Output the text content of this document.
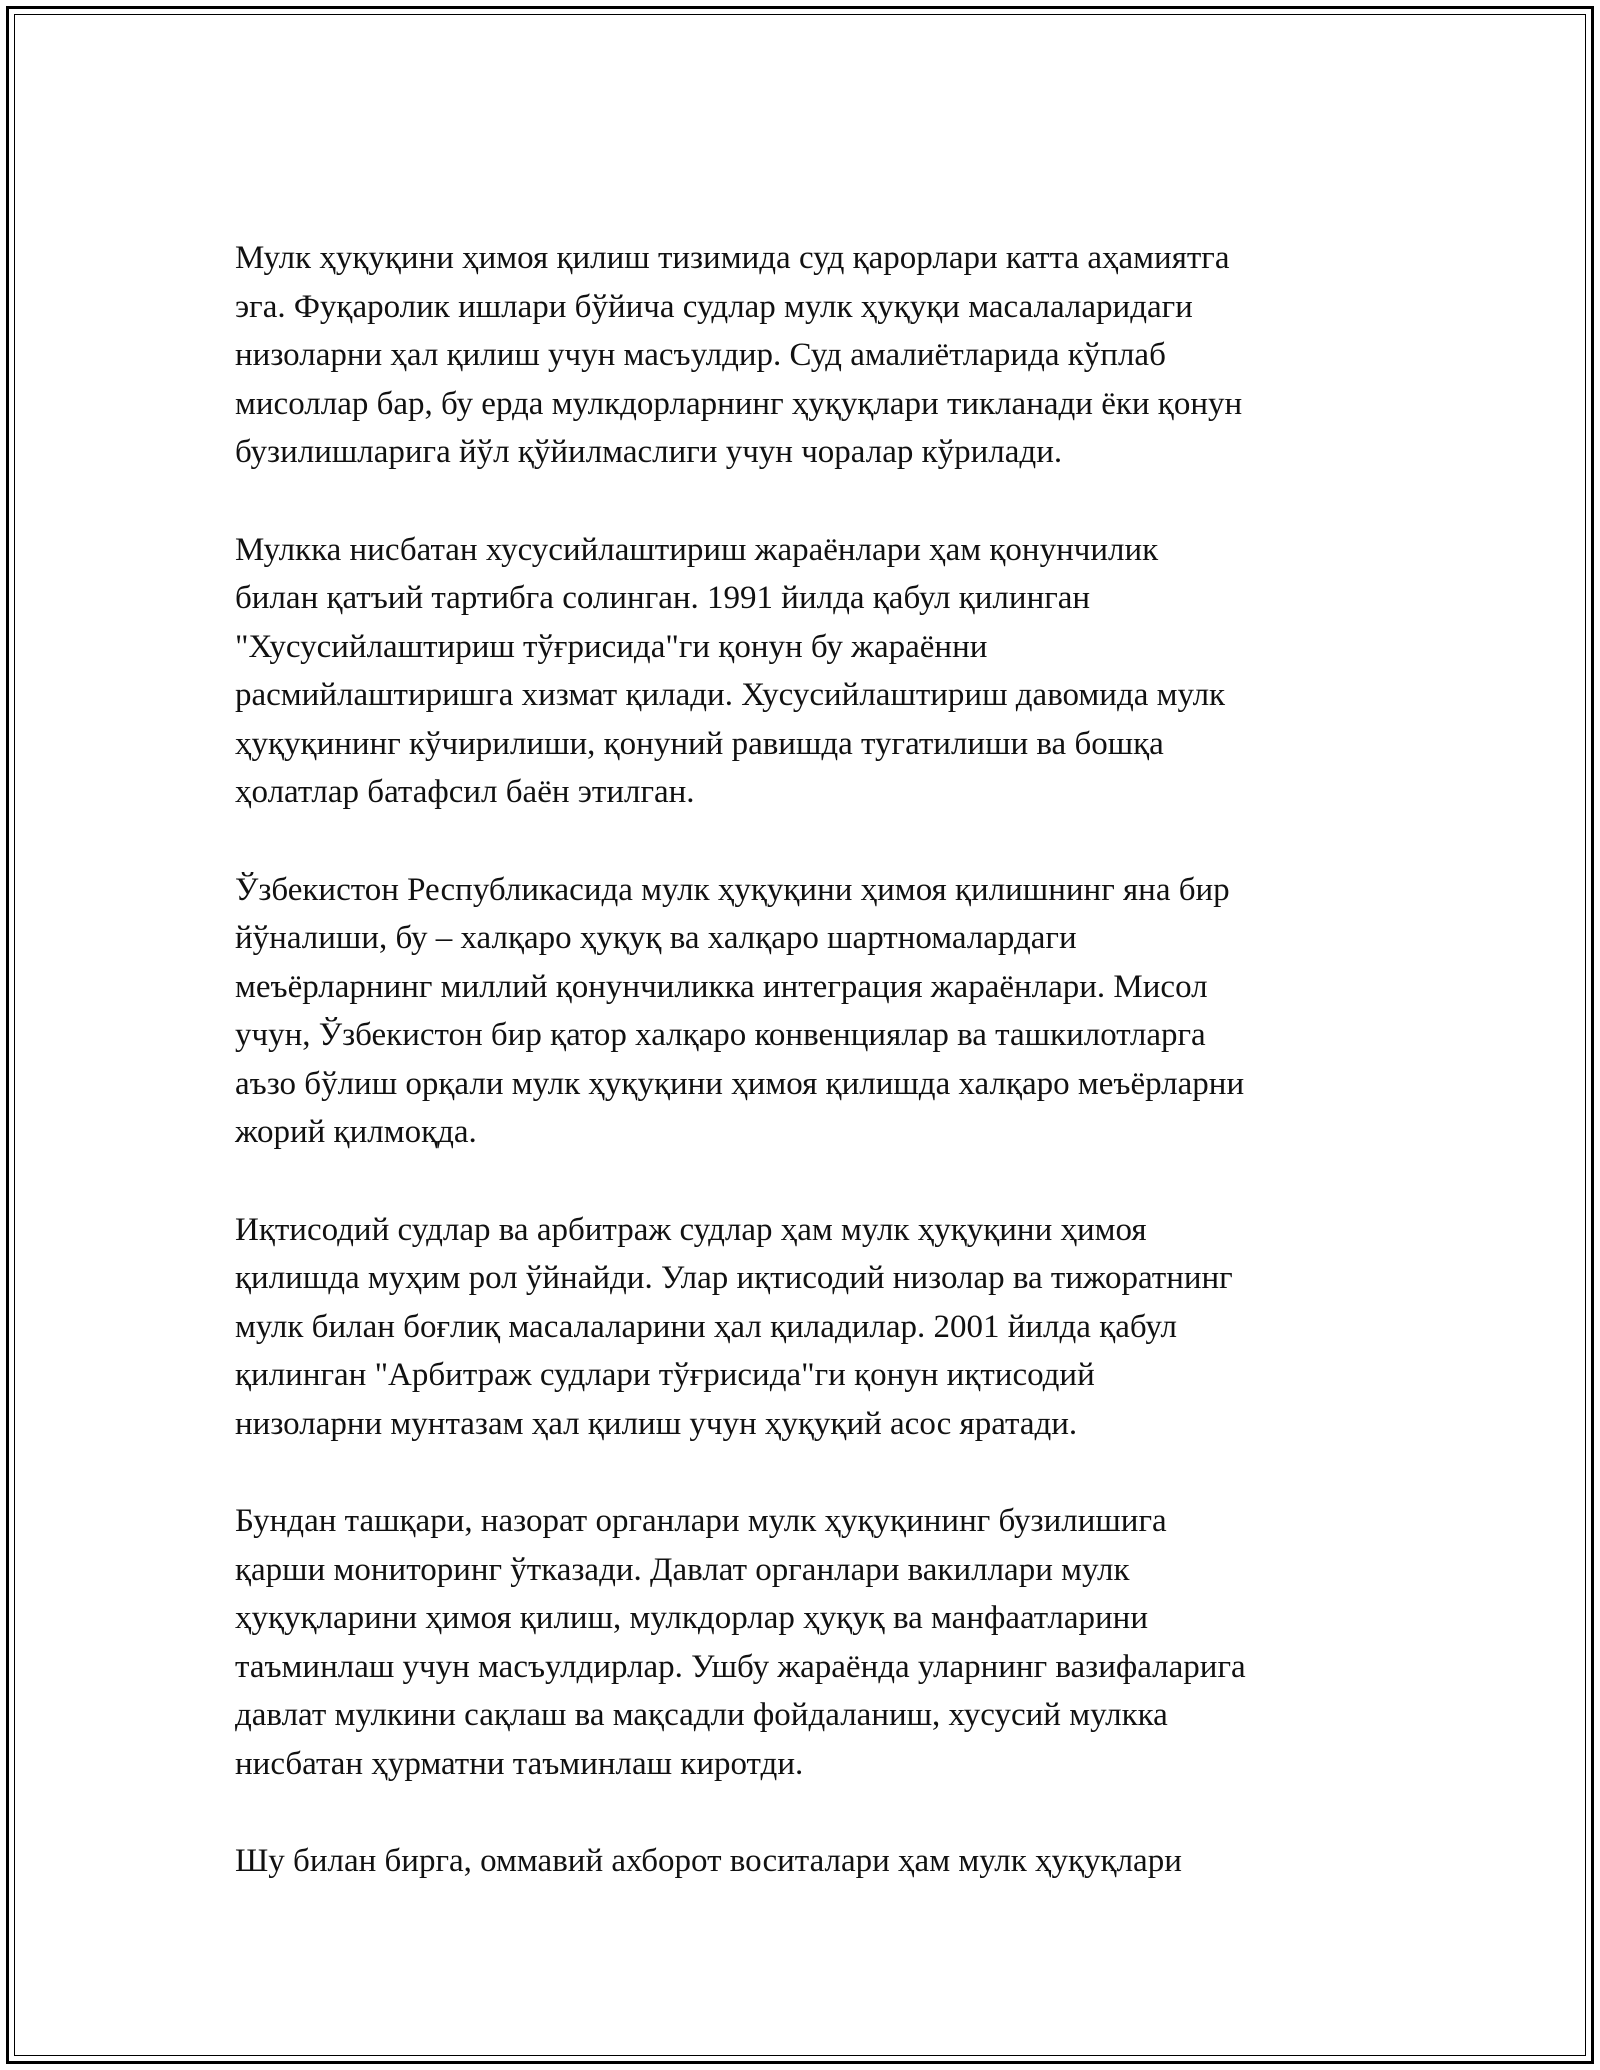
Мулк ҳуқуқини ҳимоя қилиш тизимида суд қарорлари катта аҳамиятга
эга. Фуқаролик ишлари бўйича судлар мулк ҳуқуқи масалаларидаги
низоларни ҳал қилиш учун масъулдир. Суд амалиётларида кўплаб
мисоллар бар, бу ерда мулкдорларнинг ҳуқуқлари тикланади ёки қонун
бузилишларига йўл қўйилмаслиги учун чоралар кўрилади.

Мулкка нисбатан хусусийлаштириш жараёнлари ҳам қонунчилик
билан қатъий тартибга солинган. 1991 йилда қабул қилинган
"Хусусийлаштириш тўғрисида"ги қонун бу жараённи
расмийлаштиришга хизмат қилади. Хусусийлаштириш давомида мулк
ҳуқуқининг кўчирилиши, қонуний равишда тугатилиши ва бошқа
ҳолатлар батафсил баён этилган.

Ўзбекистон Республикасида мулк ҳуқуқини ҳимоя қилишнинг яна бир
йўналиши, бу – халқаро ҳуқуқ ва халқаро шартномалардаги
меъёрларнинг миллий қонунчиликка интеграция жараёнлари. Мисол
учун, Ўзбекистон бир қатор халқаро конвенциялар ва ташкилотларга
аъзо бўлиш орқали мулк ҳуқуқини ҳимоя қилишда халқаро меъёрларни
жорий қилмоқда.

Иқтисодий судлар ва арбитраж судлар ҳам мулк ҳуқуқини ҳимоя
қилишда муҳим рол ўйнайди. Улар иқтисодий низолар ва тижоратнинг
мулк билан боғлиқ масалаларини ҳал қиладилар. 2001 йилда қабул
қилинган "Арбитраж судлари тўғрисида"ги қонун иқтисодий
низоларни мунтазам ҳал қилиш учун ҳуқуқий асос яратади.

Бундан ташқари, назорат органлари мулк ҳуқуқининг бузилишига
қарши мониторинг ўтказади. Давлат органлари вакиллари мулк
ҳуқуқларини ҳимоя қилиш, мулкдорлар ҳуқуқ ва манфаатларини
таъминлаш учун масъулдирлар. Ушбу жараёнда уларнинг вазифаларига
давлат мулкини сақлаш ва мақсадли фойдаланиш, хусусий мулкка
нисбатан ҳурматни таъминлаш киротди.

Шу билан бирга, оммавий ахборот воситалари ҳам мулк ҳуқуқлари
